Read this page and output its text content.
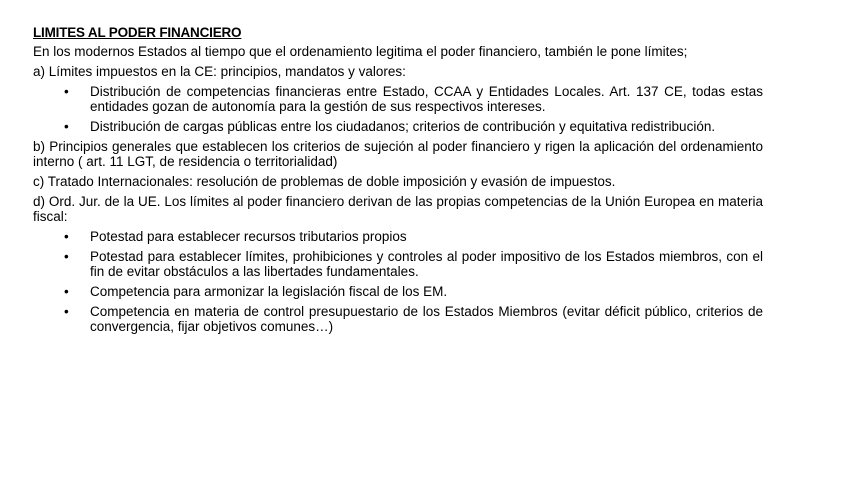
LIMITES AL PODER FINANCIERO

En los modernos Estados al tiempo que el ordenamiento legitima el poder financiero, también le pone límites;

a) Límites impuestos en la CE: principios, mandatos y valores:

• Distribución de competencias financieras entre Estado, CCAA y Entidades Locales. Art. 137 CE, todas estas entidades gozan de autonomía para la gestión de sus respectivos intereses.
• Distribución de cargas públicas entre los ciudadanos; criterios de contribución y equitativa redistribución.

b) Principios generales que establecen los criterios de sujeción al poder financiero y rigen la aplicación del ordenamiento interno ( art. 11 LGT, de residencia o territorialidad)

c) Tratado Internacionales: resolución de problemas de doble imposición y evasión de impuestos.

d) Ord. Jur. de la UE. Los límites al poder financiero derivan de las propias competencias de la Unión Europea en materia fiscal:

• Potestad para establecer recursos tributarios propios
• Potestad para establecer límites, prohibiciones y controles al poder impositivo de los Estados miembros, con el fin de evitar obstáculos a las libertades fundamentales.
• Competencia para armonizar la legislación fiscal de los EM.
• Competencia en materia de control presupuestario de los Estados Miembros (evitar déficit público, criterios de convergencia, fijar objetivos comunes…)
